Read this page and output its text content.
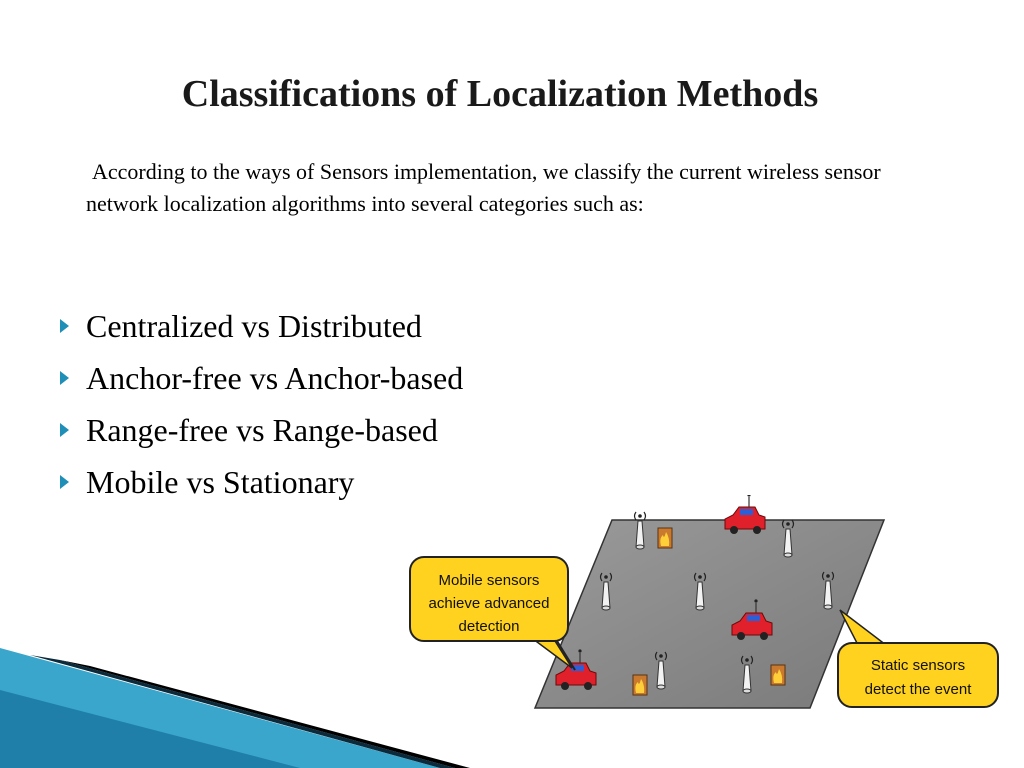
Classifications of Localization Methods
According to the ways of Sensors implementation, we classify the current wireless sensor network localization algorithms into several categories such as:
Centralized vs Distributed
Anchor-free vs Anchor-based
Range-free vs Range-based
Mobile vs Stationary
Mobile sensors
achieve advanced
detection
Static sensors
detect the event
